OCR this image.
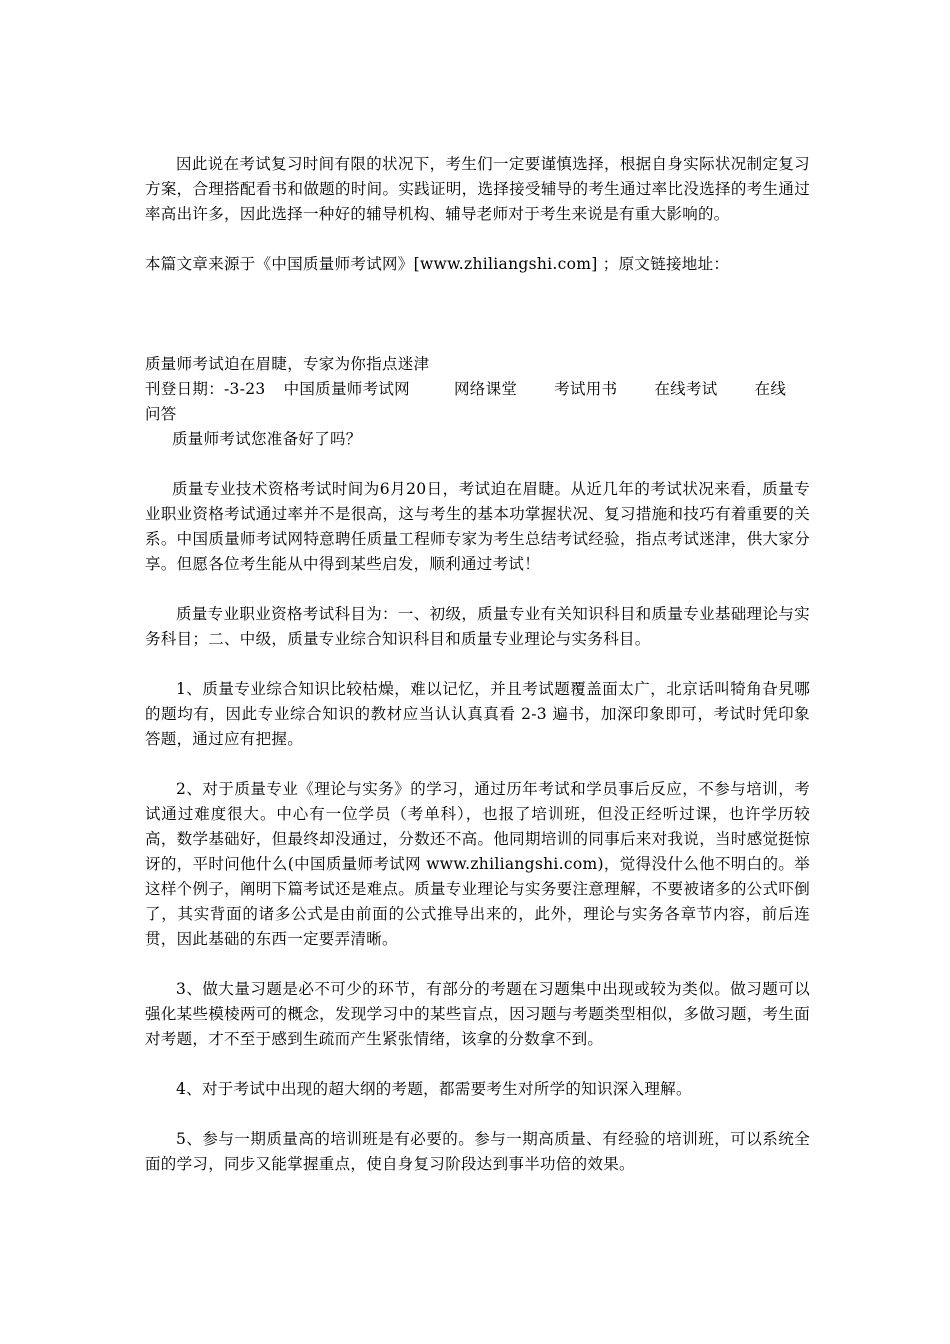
因此说在考试复习时间有限的状况下，考生们一定要谨慎选择，根据自身实际状况制定复习方案，合理搭配看书和做题的时间。实践证明，选择接受辅导的考生通过率比没选择的考生通过率高出许多，因此选择一种好的辅导机构、辅导老师对于考生来说是有重大影响的。

本篇文章来源于《中国质量师考试网》[www.zhiliangshi.com] ；原文链接地址：

质量师考试迫在眉睫，专家为你指点迷津

刊登日期：-3-23 中国质量师考试网	网络课堂 考试用书 在线考试 在线
问答

质量师考试您准备好了吗？

质量专业技术资格考试时间为6月20日，考试迫在眉睫。从近几年的考试状况来看，质量专业职业资格考试通过率并不是很高，这与考生的基本功掌握状况、复习措施和技巧有着重要的关系。中国质量师考试网特意聘任质量工程师专家为考生总结考试经验，指点考试迷津，供大家分享。但愿各位考生能从中得到某些启发，顺利通过考试！

质量专业职业资格考试科目为：一、初级，质量专业有关知识科目和质量专业基础理论与实务科目；二、中级，质量专业综合知识科目和质量专业理论与实务科目。

1、质量专业综合知识比较枯燥，难以记忆，并且考试题覆盖面太广，北京话叫犄角旮旯哪的题均有，因此专业综合知识的教材应当认认真真看 2-3 遍书，加深印象即可，考试时凭印象答题，通过应有把握。

2、对于质量专业《理论与实务》的学习，通过历年考试和学员事后反应，不参与培训，考试通过难度很大。中心有一位学员（考单科），也报了培训班，但没正经听过课，也许学历较高，数学基础好，但最终却没通过，分数还不高。他同期培训的同事后来对我说，当时感觉挺惊讶的，平时问他什么(中国质量师考试网 www.zhiliangshi.com)，觉得没什么他不明白的。举这样个例子，阐明下篇考试还是难点。质量专业理论与实务要注意理解，不要被诸多的公式吓倒了，其实背面的诸多公式是由前面的公式推导出来的，此外，理论与实务各章节内容，前后连贯，因此基础的东西一定要弄清晰。

3、做大量习题是必不可少的环节，有部分的考题在习题集中出现或较为类似。做习题可以强化某些模棱两可的概念，发现学习中的某些盲点，因习题与考题类型相似，多做习题，考生面对考题，才不至于感到生疏而产生紧张情绪，该拿的分数拿不到。

4、对于考试中出现的超大纲的考题，都需要考生对所学的知识深入理解。

5、参与一期质量高的培训班是有必要的。参与一期高质量、有经验的培训班，可以系统全面的学习，同步又能掌握重点，使自身复习阶段达到事半功倍的效果。
